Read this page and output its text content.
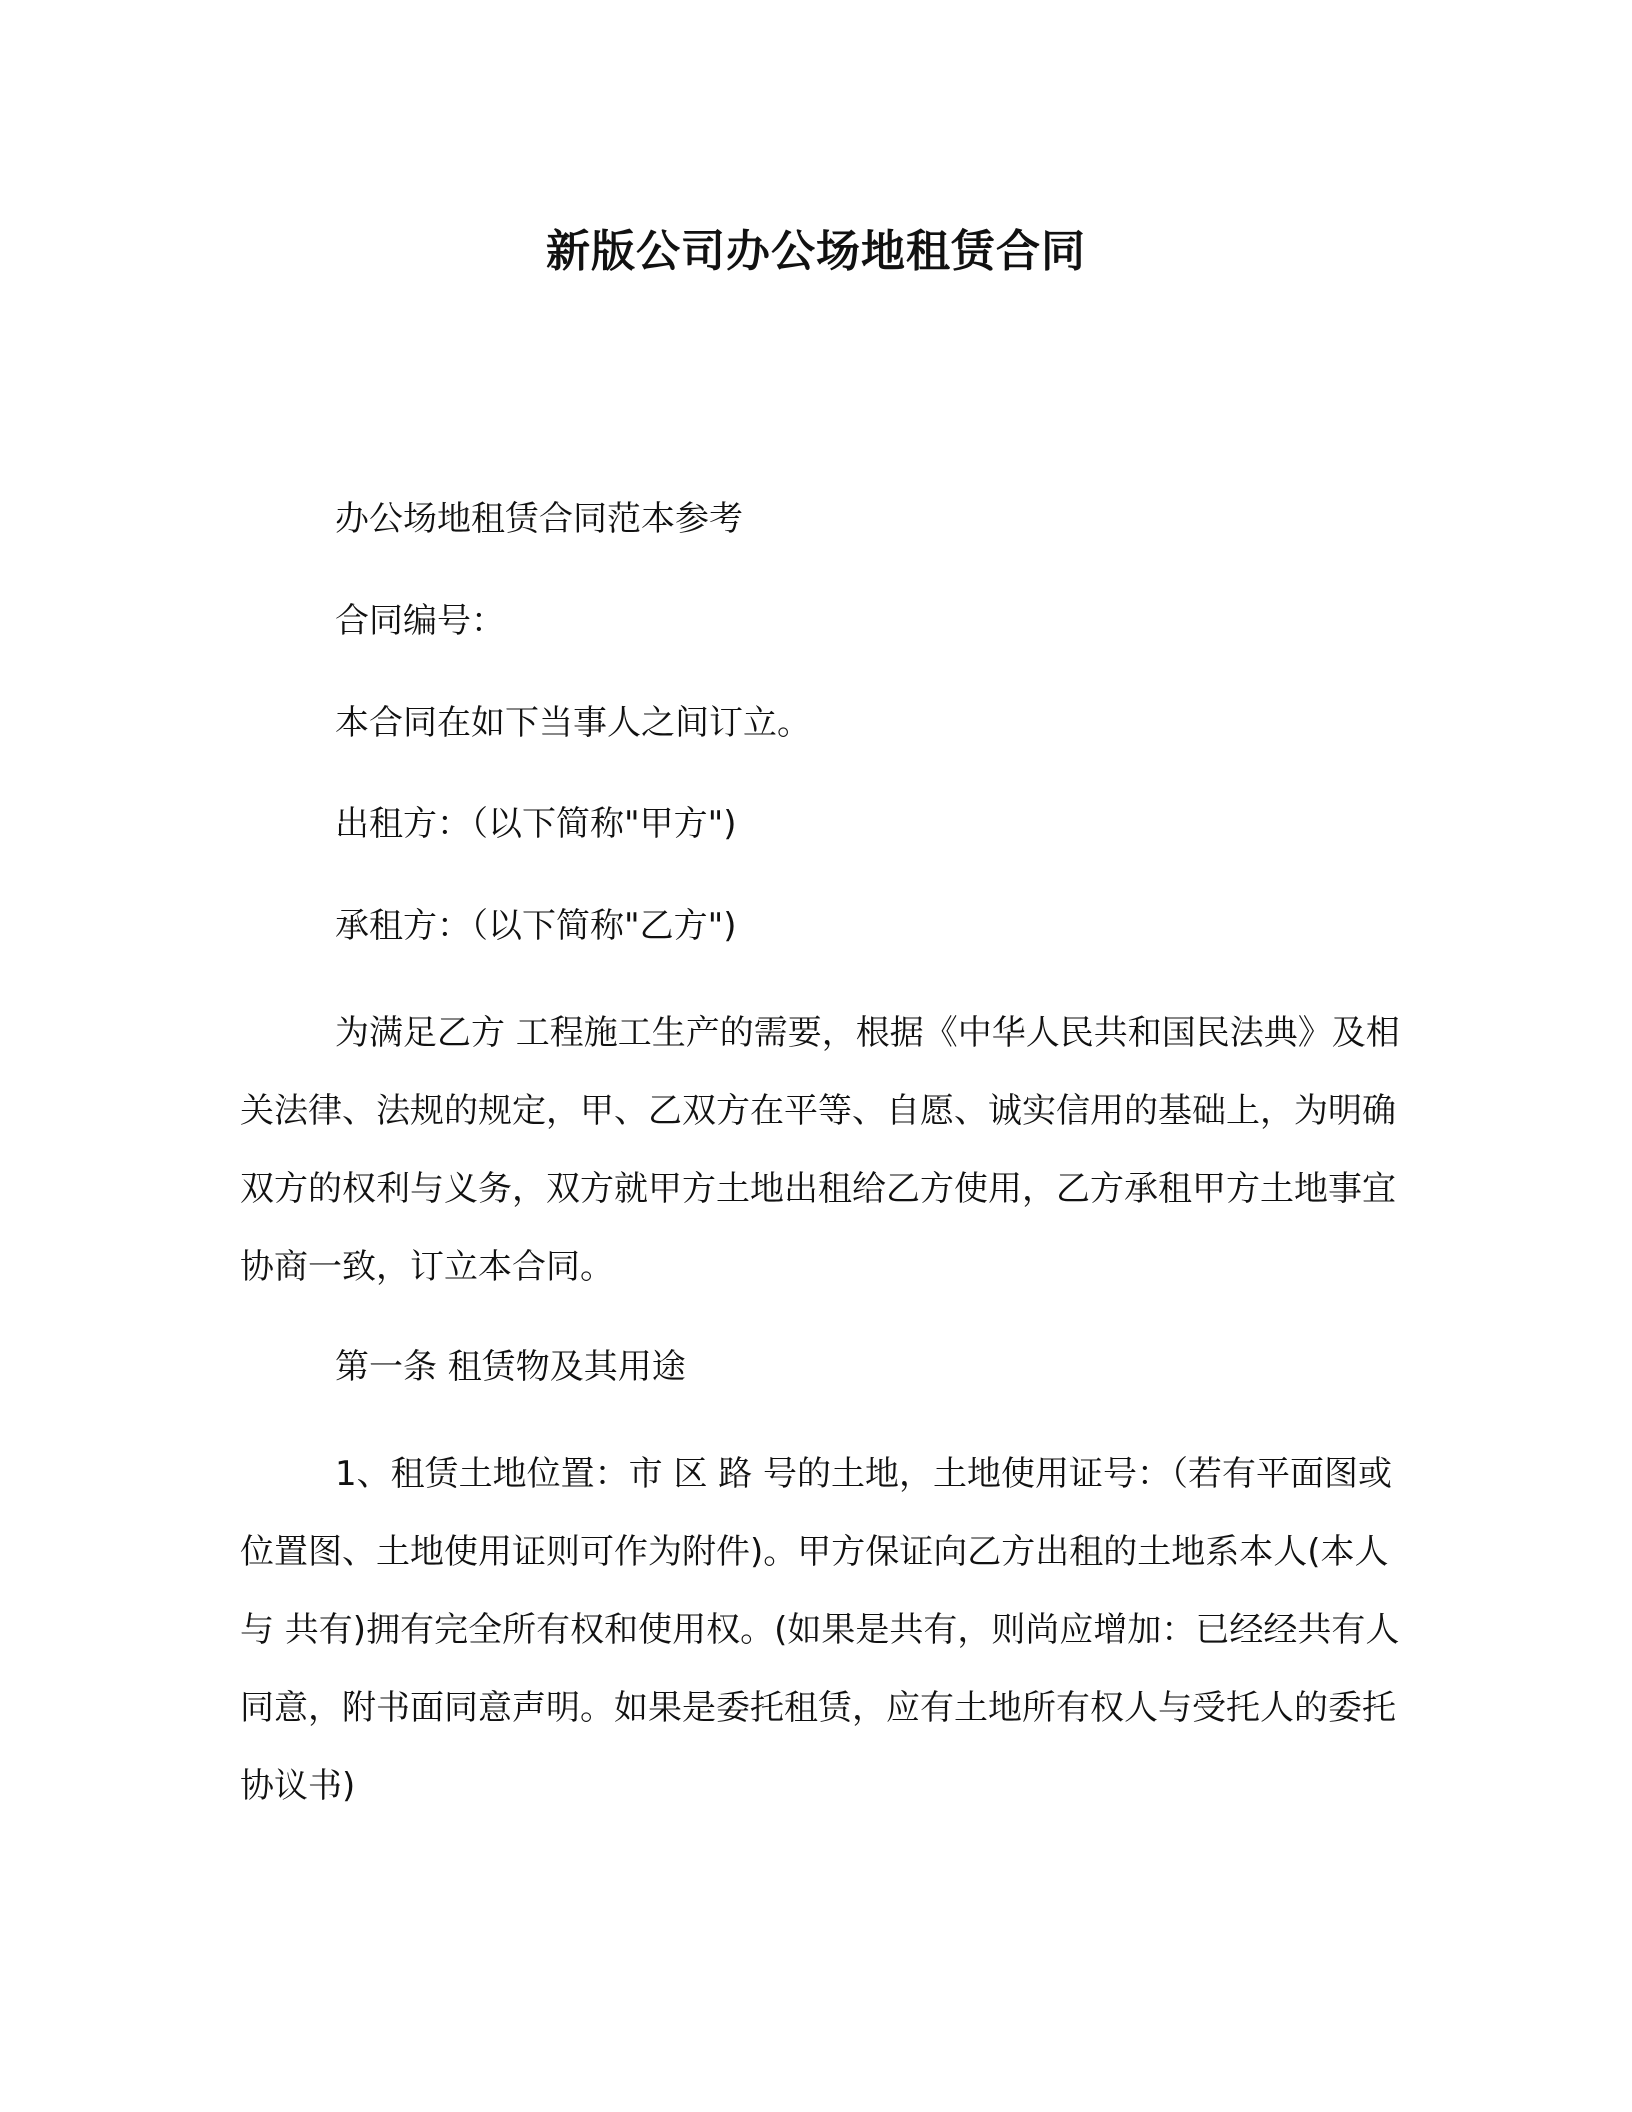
新版公司办公场地租赁合同
办公场地租赁合同范本参考
合同编号：
本合同在如下当事人之间订立。
出租方：（以下简称"甲方")
承租方：（以下简称"乙方")
为满足乙方 工程施工生产的需要，根据《中华人民共和国民法典》及相关法律、法规的规定，甲、乙双方在平等、自愿、诚实信用的基础上，为明确双方的权利与义务，双方就甲方土地出租给乙方使用，乙方承租甲方土地事宜协商一致，订立本合同。
第一条 租赁物及其用途
1、租赁土地位置：市 区 路 号的土地，土地使用证号：（若有平面图或位置图、土地使用证则可作为附件)。甲方保证向乙方出租的土地系本人(本人与 共有)拥有完全所有权和使用权。(如果是共有，则尚应增加：已经经共有人同意，附书面同意声明。如果是委托租赁，应有土地所有权人与受托人的委托协议书)
